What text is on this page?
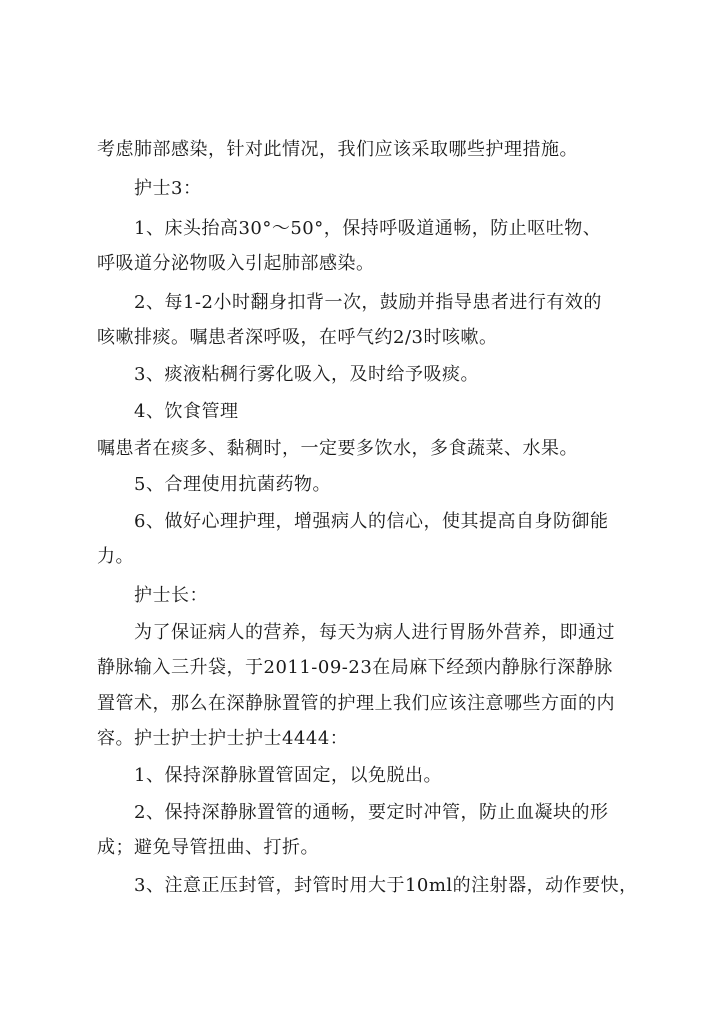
考虑肺部感染，针对此情况，我们应该采取哪些护理措施。
护士3：
1、床头抬高30°～50°，保持呼吸道通畅，防止呕吐物、
呼吸道分泌物吸入引起肺部感染。
2、每1-2小时翻身扣背一次，鼓励并指导患者进行有效的
咳嗽排痰。嘱患者深呼吸，在呼气约2/3时咳嗽。
3、痰液粘稠行雾化吸入，及时给予吸痰。
4、饮食管理
嘱患者在痰多、黏稠时，一定要多饮水，多食蔬菜、水果。
5、合理使用抗菌药物。
6、做好心理护理，增强病人的信心，使其提高自身防御能
力。
护士长：
为了保证病人的营养，每天为病人进行胃肠外营养，即通过
静脉输入三升袋，于2011-09-23在局麻下经颈内静脉行深静脉
置管术，那么在深静脉置管的护理上我们应该注意哪些方面的内
容。护士护士护士护士4444：
1、保持深静脉置管固定，以免脱出。
2、保持深静脉置管的通畅，要定时冲管，防止血凝块的形
成；避免导管扭曲、打折。
3、注意正压封管，封管时用大于10ml的注射器，动作要快，
